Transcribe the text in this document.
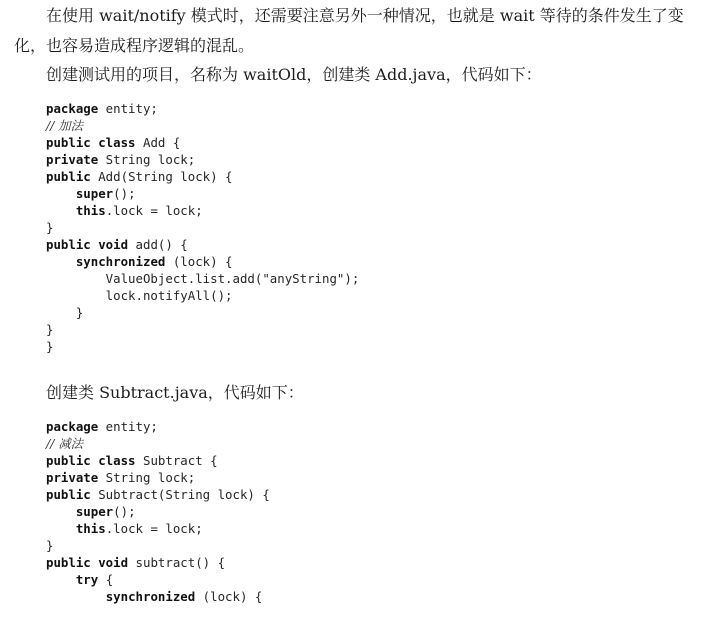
在使用 wait/notify 模式时，还需要注意另外一种情况，也就是 wait 等待的条件发生了变
化，也容易造成程序逻辑的混乱。
创建测试用的项目，名称为 waitOld，创建类 Add.java，代码如下：
package entity;
// 加法
public class Add {
private String lock;
public Add(String lock) {
super();
this.lock = lock;
}
public void add() {
synchronized (lock) {
ValueObject.list.add("anyString");
lock.notifyAll();
}
}
}
创建类 Subtract.java，代码如下：
package entity;
// 减法
public class Subtract {
private String lock;
public Subtract(String lock) {
super();
this.lock = lock;
}
public void subtract() {
try {
synchronized (lock) {
